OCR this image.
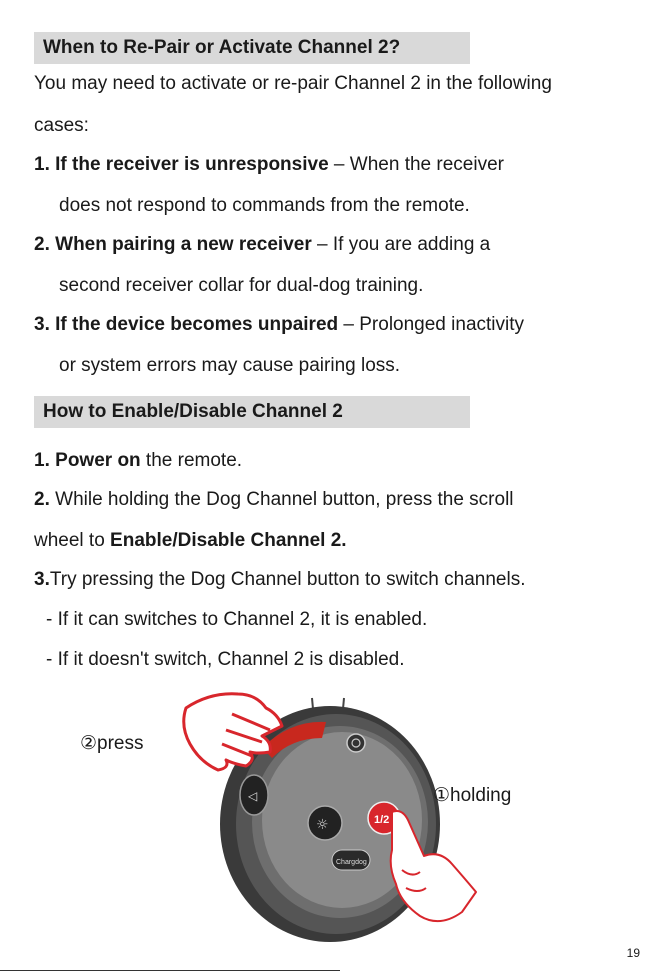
When to Re-Pair or Activate Channel 2?
You may need to activate or re-pair Channel 2 in the following
cases:
1. If the receiver is unresponsive – When the receiver
does not respond to commands from the remote.
2. When pairing a new receiver – If you are adding a
second receiver collar for dual-dog training.
3. If the device becomes unpaired – Prolonged inactivity
or system errors may cause pairing loss.
How to Enable/Disable Channel 2
1. Power on the remote.
2. While holding the Dog Channel button, press the scroll
wheel to Enable/Disable Channel 2.
3.Try pressing the Dog Channel button to switch channels.
- If it can switches to Channel 2, it is enabled.
- If it doesn't switch, Channel 2 is disabled.
◁
☼	1/2
Chargdog
②press
①holding
19
